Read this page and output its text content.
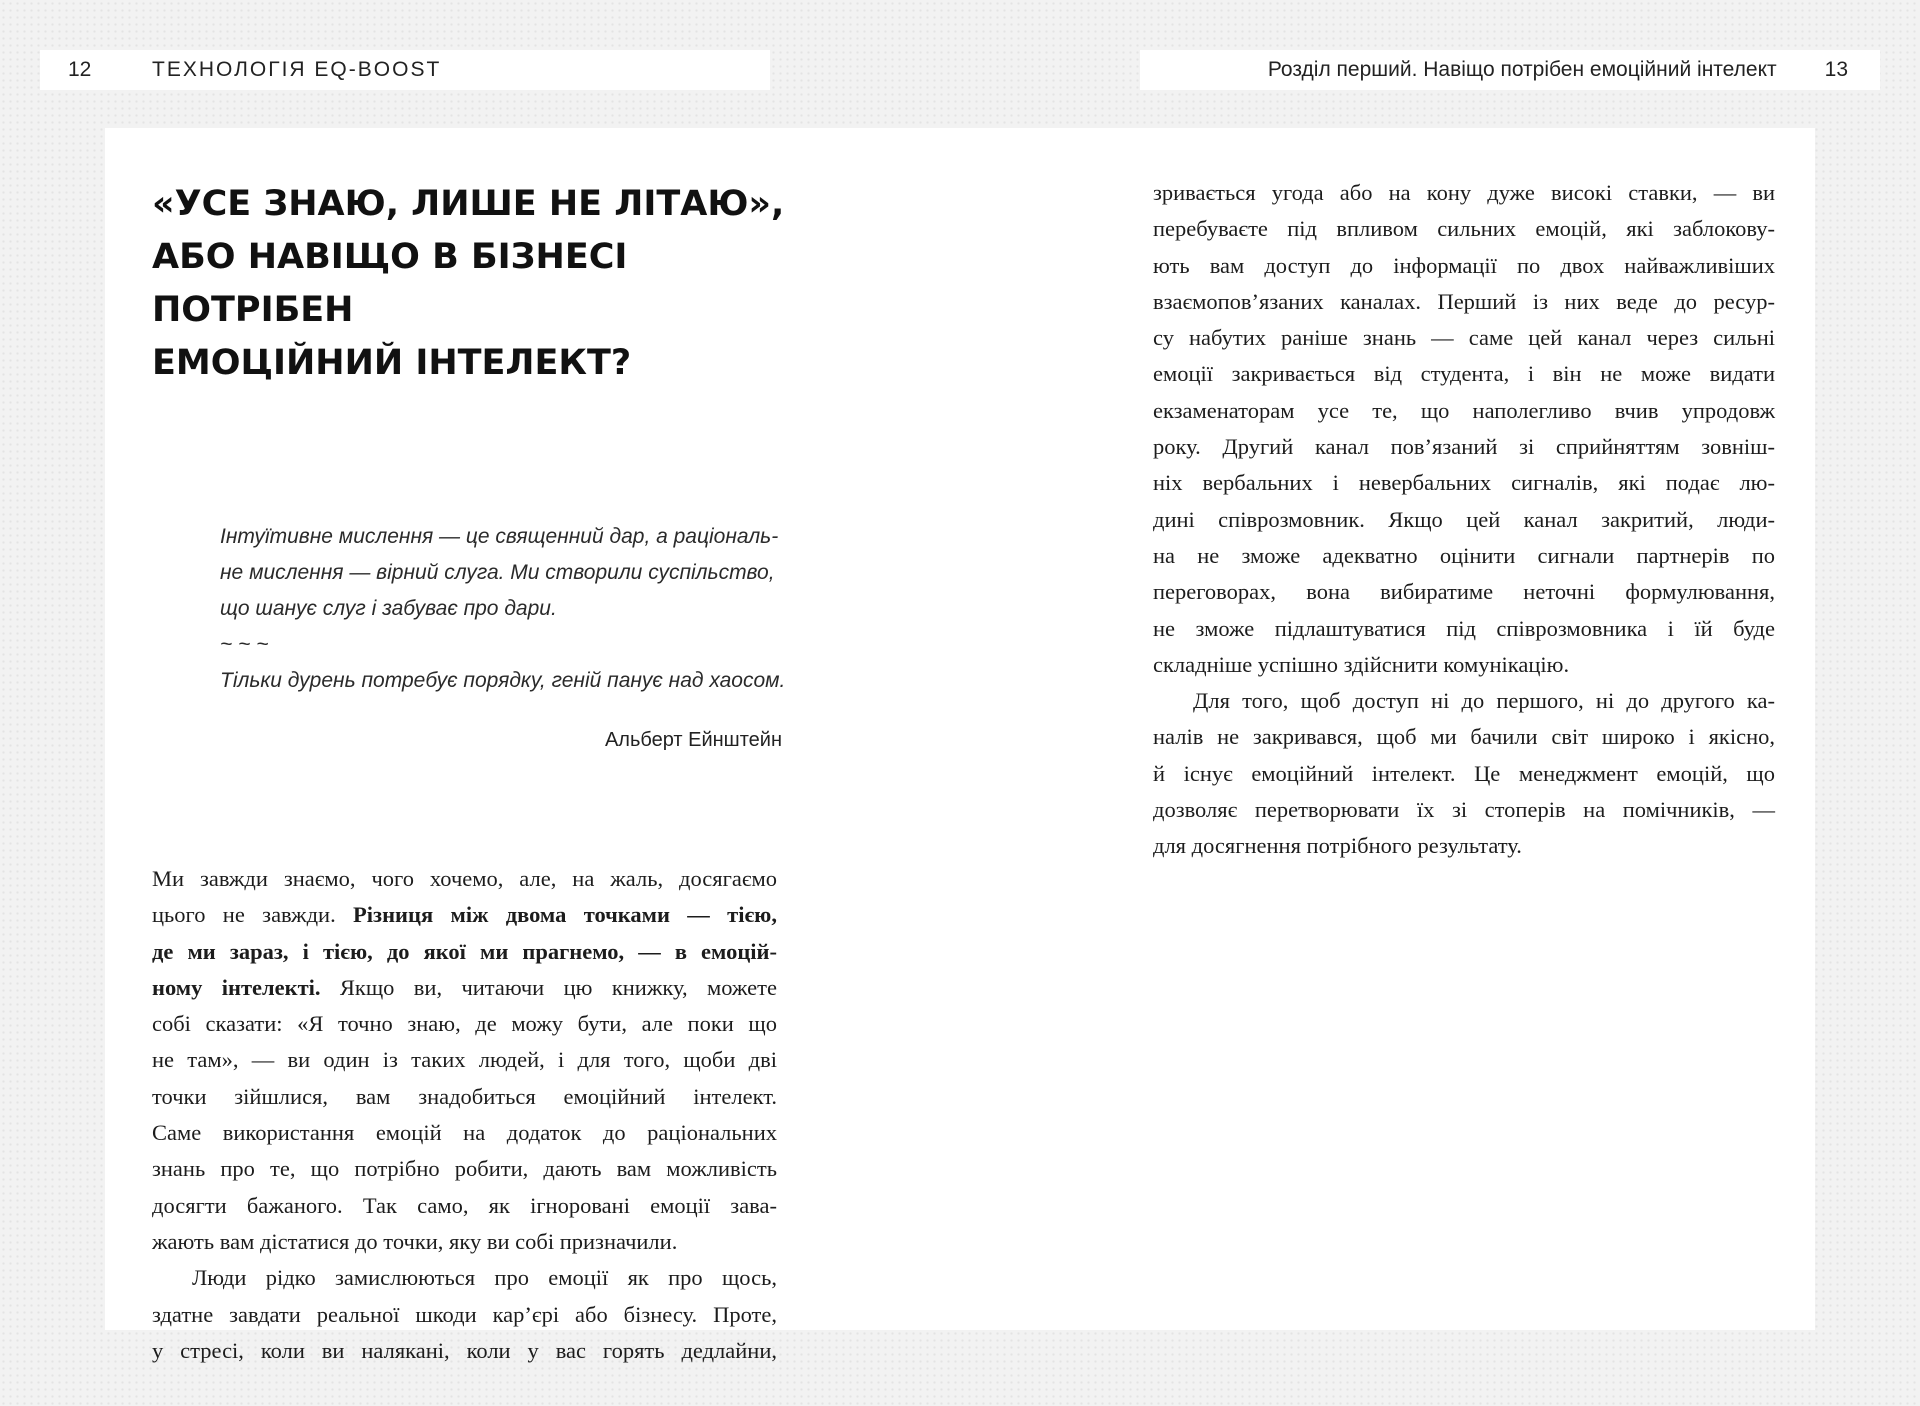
12	ТЕХНОЛОГІЯ EQ-BOOST	Розділ перший. Навіщо потрібен емоційний інтелект 13
«УСЕ ЗНАЮ, ЛИШЕ НЕ ЛІТАЮ»,
АБО НАВІЩО В БІЗНЕСІ ПОТРІБЕН
ЕМОЦІЙНИЙ ІНТЕЛЕКТ?
Інтуїтивне мислення — це священний дар, а раціональ-
не мислення — вірний слуга. Ми створили суспільство,
що шанує слуг і забуває про дари.
~ ~ ~
Тільки дурень потребує порядку, геній панує над хаосом.
Альберт Ейнштейн
Ми завжди знаємо, чого хочемо, але, на жаль, досягаємо
цього не завжди. Різниця між двома точками — тією,
де ми зараз, і тією, до якої ми прагнемо, — в емоцій-
ному інтелекті. Якщо ви, читаючи цю книжку, можете
собі сказати: «Я точно знаю, де можу бути, але поки що
не там», — ви один із таких людей, і для того, щоби дві
точки зійшлися, вам знадобиться емоційний інтелект.
Саме використання емоцій на додаток до раціональних
знань про те, що потрібно робити, дають вам можливість
досягти бажаного. Так само, як ігноровані емоції зава-
жають вам дістатися до точки, яку ви собі призначили.
Люди рідко замислюються про емоції як про щось,
здатне завдати реальної шкоди кар’єрі або бізнесу. Проте,
у стресі, коли ви налякані, коли у вас горять дедлайни,
зривається угода або на кону дуже високі ставки, — ви
перебуваєте під впливом сильних емоцій, які заблокову-
ють вам доступ до інформації по двох найважливіших
взаємопов’язаних каналах. Перший із них веде до ресур-
су набутих раніше знань — саме цей канал через сильні
емоції закривається від студента, і він не може видати
екзаменаторам усе те, що наполегливо вчив упродовж
року. Другий канал пов’язаний зі сприйняттям зовніш-
ніх вербальних і невербальних сигналів, які подає лю-
дині співрозмовник. Якщо цей канал закритий, люди-
на не зможе адекватно оцінити сигнали партнерів по
переговорах, вона вибиратиме неточні формулювання,
не зможе підлаштуватися під співрозмовника і їй буде
складніше успішно здійснити комунікацію.
Для того, щоб доступ ні до першого, ні до другого ка-
налів не закривався, щоб ми бачили світ широко і якісно,
й існує емоційний інтелект. Це менеджмент емоцій, що
дозволяє перетворювати їх зі стоперів на помічників, —
для досягнення потрібного результату.
